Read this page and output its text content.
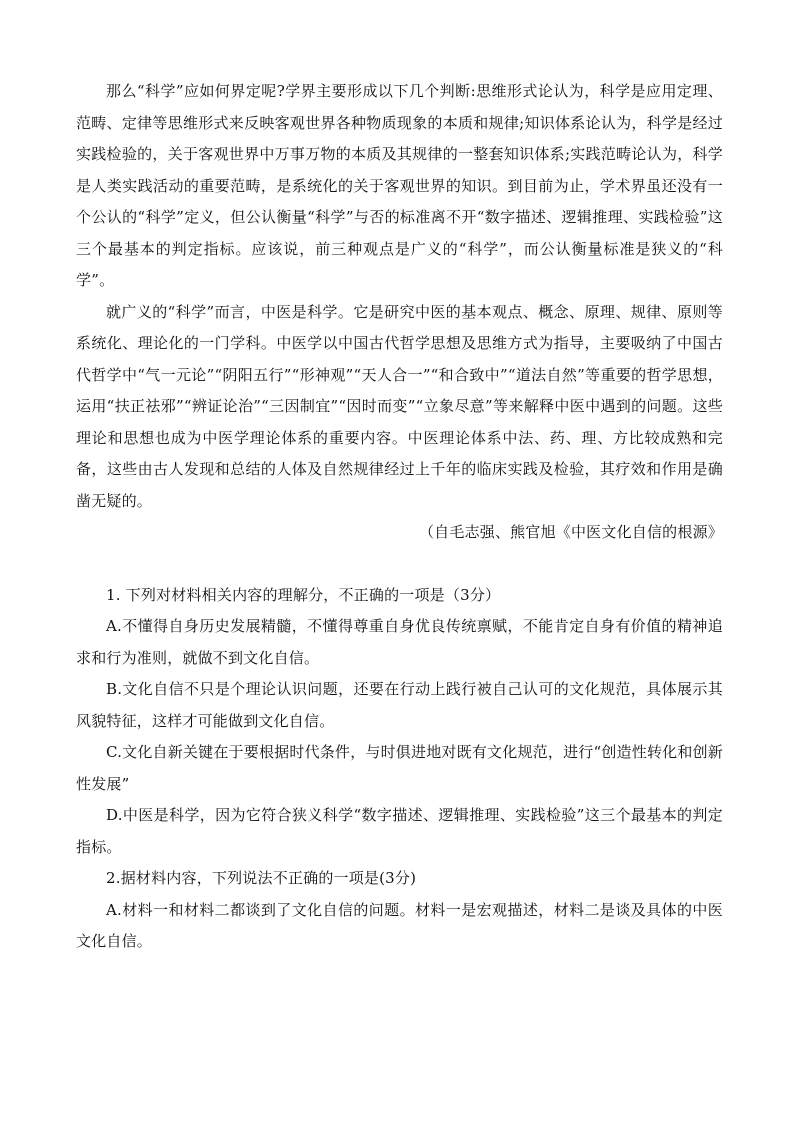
那么“科学”应如何界定呢?学界主要形成以下几个判断:思维形式论认为，科学是应用定理、范畴、定律等思维形式来反映客观世界各种物质现象的本质和规律;知识体系论认为，科学是经过实践检验的，关于客观世界中万事万物的本质及其规律的一整套知识体系;实践范畴论认为，科学是人类实践活动的重要范畴，是系统化的关于客观世界的知识。到目前为止，学术界虽还没有一个公认的“科学”定义，但公认衡量“科学”与否的标准离不开“数字描述、逻辑推理、实践检验”这三个最基本的判定指标。应该说，前三种观点是广义的“科学”，而公认衡量标准是狭义的“科学”。

就广义的“科学”而言，中医是科学。它是研究中医的基本观点、概念、原理、规律、原则等系统化、理论化的一门学科。中医学以中国古代哲学思想及思维方式为指导，主要吸纳了中国古代哲学中“气一元论”“阴阳五行”“形神观”“天人合一”“和合致中”“道法自然”等重要的哲学思想，运用“扶正祛邪”“辨证论治”“三因制宜”“因时而变”“立象尽意”等来解释中医中遇到的问题。这些理论和思想也成为中医学理论体系的重要内容。中医理论体系中法、药、理、方比较成熟和完备，这些由古人发现和总结的人体及自然规律经过上千年的临床实践及检验，其疗效和作用是确凿无疑的。

（自毛志强、熊官旭《中医文化自信的根源》

1. 下列对材料相关内容的理解分，不正确的一项是（3分）

A.不懂得自身历史发展精髓，不懂得尊重自身优良传统禀赋，不能肯定自身有价值的精神追求和行为准则，就做不到文化自信。

B.文化自信不只是个理论认识问题，还要在行动上践行被自己认可的文化规范，具体展示其风貌特征，这样才可能做到文化自信。

C.文化自新关键在于要根据时代条件，与时俱进地对既有文化规范，进行“创造性转化和创新性发展”

D.中医是科学，因为它符合狭义科学“数字描述、逻辑推理、实践检验”这三个最基本的判定指标。

2.据材料内容，下列说法不正确的一项是(3分)

A.材料一和材料二都谈到了文化自信的问题。材料一是宏观描述，材料二是谈及具体的中医文化自信。
